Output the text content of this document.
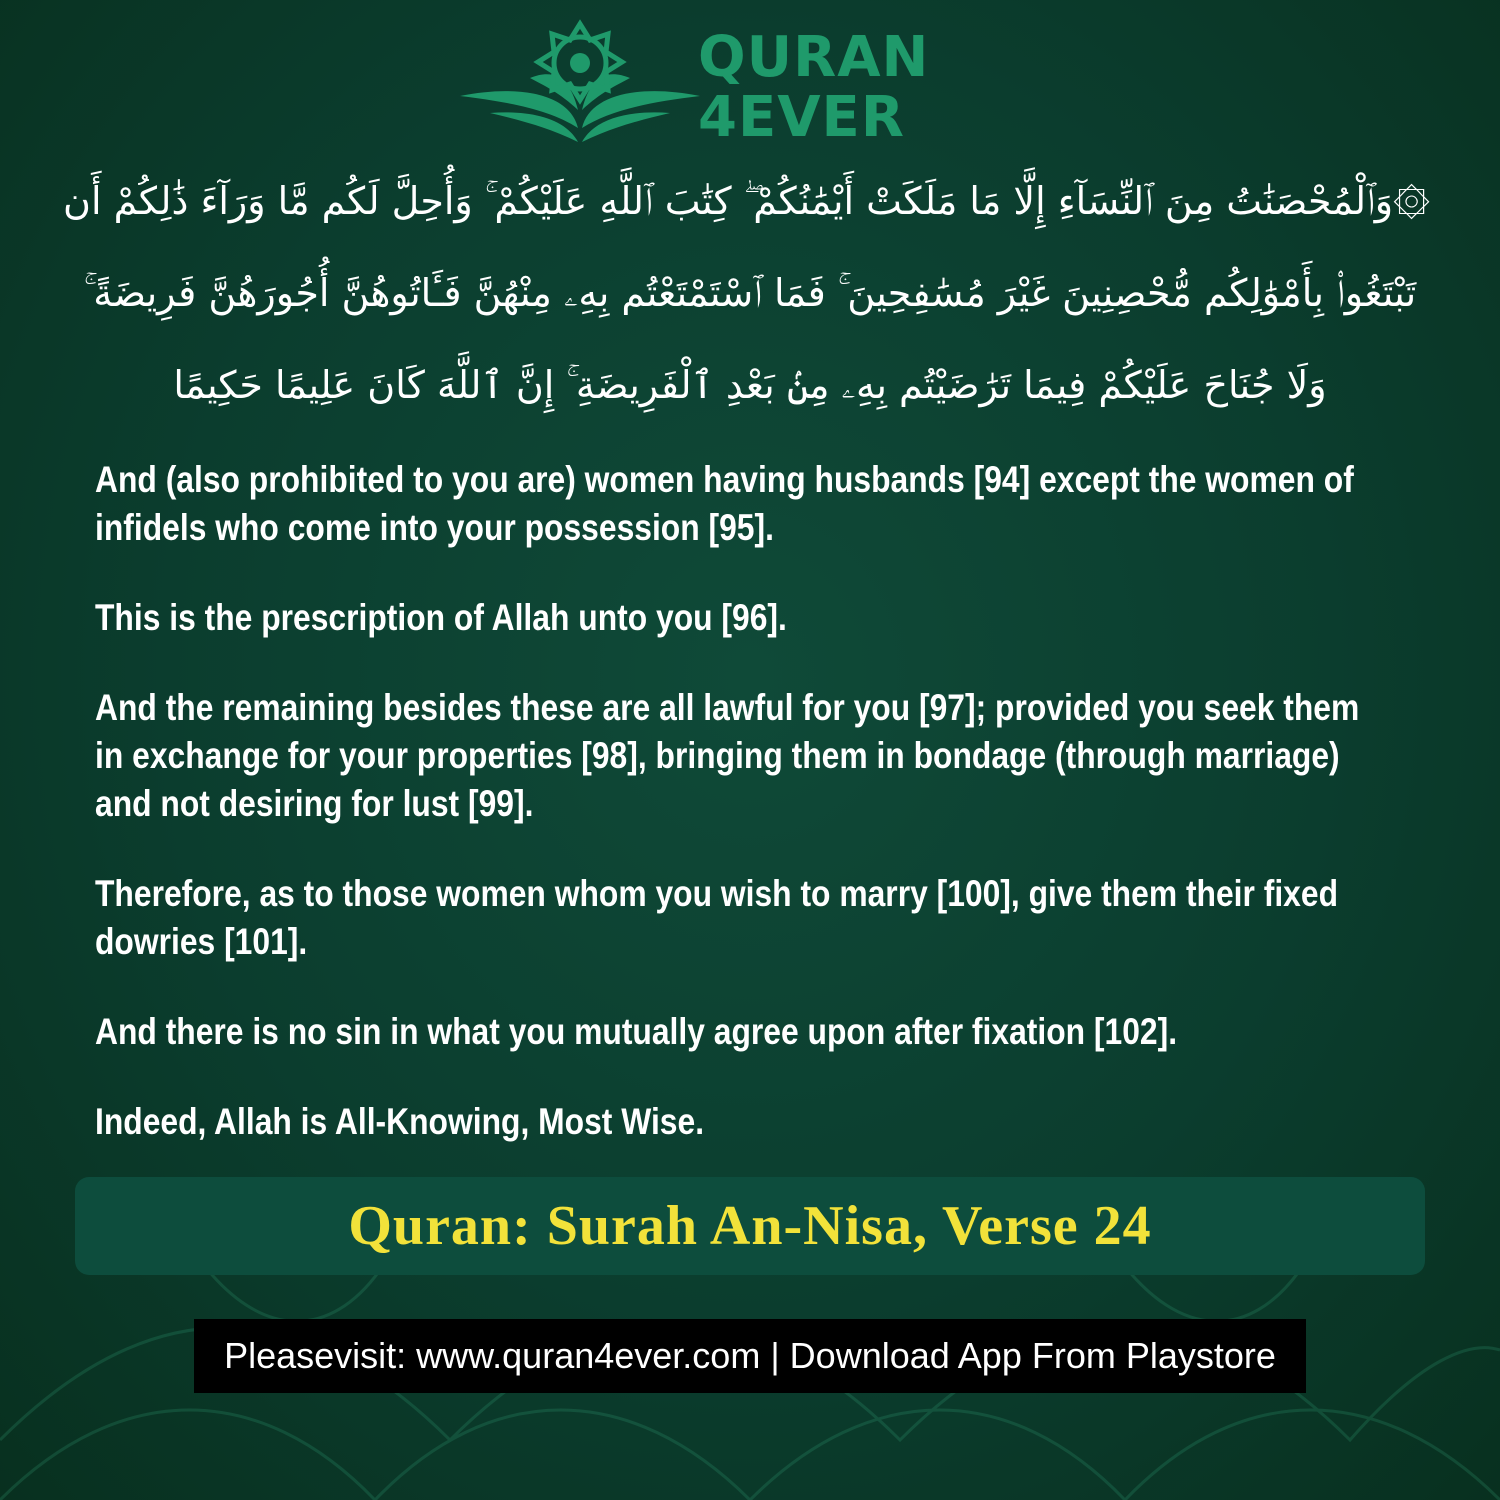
QURAN
4EVER
۞وَٱلْمُحْصَنَٰتُ مِنَ ٱلنِّسَآءِ إِلَّا مَا مَلَكَتْ أَيْمَٰنُكُمْ ۖ كِتَٰبَ ٱللَّهِ عَلَيْكُمْ ۚ وَأُحِلَّ لَكُم مَّا وَرَآءَ ذَٰلِكُمْ أَن
تَبْتَغُوا۟ بِأَمْوَٰلِكُم مُّحْصِنِينَ غَيْرَ مُسَٰفِحِينَ ۚ فَمَا ٱسْتَمْتَعْتُم بِهِۦ مِنْهُنَّ فَـَٔاتُوهُنَّ أُجُورَهُنَّ فَرِيضَةً ۚ
وَلَا جُنَاحَ عَلَيْكُمْ فِيمَا تَرَٰضَيْتُم بِهِۦ مِنۢ بَعْدِ ٱلْفَرِيضَةِ ۚ إِنَّ ٱللَّهَ كَانَ عَلِيمًا حَكِيمًا

And (also prohibited to you are) women having husbands [94] except the women of infidels who come into your possession [95].

This is the prescription of Allah unto you [96].

And the remaining besides these are all lawful for you [97]; provided you seek them in exchange for your properties [98], bringing them in bondage (through marriage) and not desiring for lust [99].

Therefore, as to those women whom you wish to marry [100], give them their fixed dowries [101].

And there is no sin in what you mutually agree upon after fixation [102].

Indeed, Allah is All-Knowing, Most Wise.

Quran: Surah An-Nisa, Verse 24
Pleasevisit: www.quran4ever.com | Download App From Playstore
